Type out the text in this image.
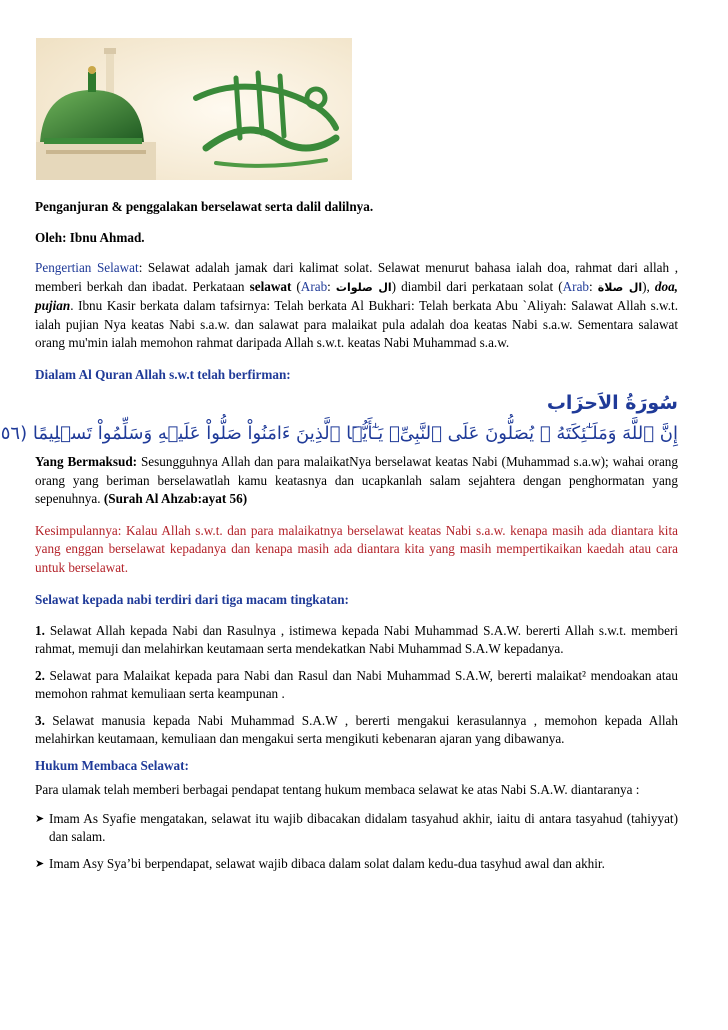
Penganjuran & penggalakan berselawat serta dalil dalilnya.

Oleh: Ibnu Ahmad.

Pengertian Selawat: Selawat adalah jamak dari kalimat solat. Selawat menurut bahasa ialah doa, rahmat dari allah , memberi berkah dan ibadat. Perkataan selawat (Arab: ال صلوات) diambil dari perkataan solat (Arab: ال صلاة), doa, pujian. Ibnu Kasir berkata dalam tafsirnya: Telah berkata Al Bukhari: Telah berkata Abu `Aliyah: Salawat Allah s.w.t. ialah pujian Nya keatas Nabi s.a.w. dan salawat para malaikat pula adalah doa keatas Nabi s.a.w. Sementara salawat orang mu'min ialah memohon rahmat daripada Allah s.w.t. keatas Nabi Muhammad s.a.w.

Dialam Al Quran Allah s.w.t telah berfirman:

سُورَةُ الاَحزَاب

إِنَّ ٱللَّهَ وَمَلَـٰٓئِكَتَهُ ۥ يُصَلُّونَ عَلَى ٱلنَّبِىِّ‌ۚ يَـٰٓأَيُّہَا ٱلَّذِينَ ءَامَنُواْ صَلُّواْ عَلَيۡهِ وَسَلِّمُواْ تَسۡلِيمًا (٥٦

Yang Bermaksud: Sesungguhnya Allah dan para malaikatNya berselawat keatas Nabi (Muhammad s.a.w); wahai orang orang yang beriman berselawatlah kamu keatasnya dan ucapkanlah salam sejahtera dengan penghormatan yang sepenuhnya. (Surah Al Ahzab:ayat 56)

Kesimpulannya: Kalau Allah s.w.t. dan para malaikatnya berselawat keatas Nabi s.a.w. kenapa masih ada diantara kita yang enggan berselawat kepadanya dan kenapa masih ada diantara kita yang masih mempertikaikan kaedah atau cara untuk berselawat.

Selawat kepada nabi terdiri dari tiga macam tingkatan:

1. Selawat Allah kepada Nabi dan Rasulnya , istimewa kepada Nabi Muhammad S.A.W. bererti Allah s.w.t. memberi rahmat, memuji dan melahirkan keutamaan serta mendekatkan Nabi Muhammad S.A.W kepadanya.

2. Selawat para Malaikat kepada para Nabi dan Rasul dan Nabi Muhammad S.A.W, bererti malaikat² mendoakan atau memohon rahmat kemuliaan serta keampunan .

3. Selawat manusia kepada Nabi Muhammad S.A.W , bererti mengakui kerasulannya , memohon kepada Allah melahirkan keutamaan, kemuliaan dan mengakui serta mengikuti kebenaran ajaran yang dibawanya.

Hukum Membaca Selawat:

Para ulamak telah memberi berbagai pendapat tentang hukum membaca selawat ke atas Nabi S.A.W. diantaranya :

➤ Imam As Syafie mengatakan, selawat itu wajib dibacakan didalam tasyahud akhir, iaitu di antara tasyahud (tahiyyat) dan salam.
➤ Imam Asy Sya’bi berpendapat, selawat wajib dibaca dalam solat dalam kedu-dua tasyhud awal dan akhir.
